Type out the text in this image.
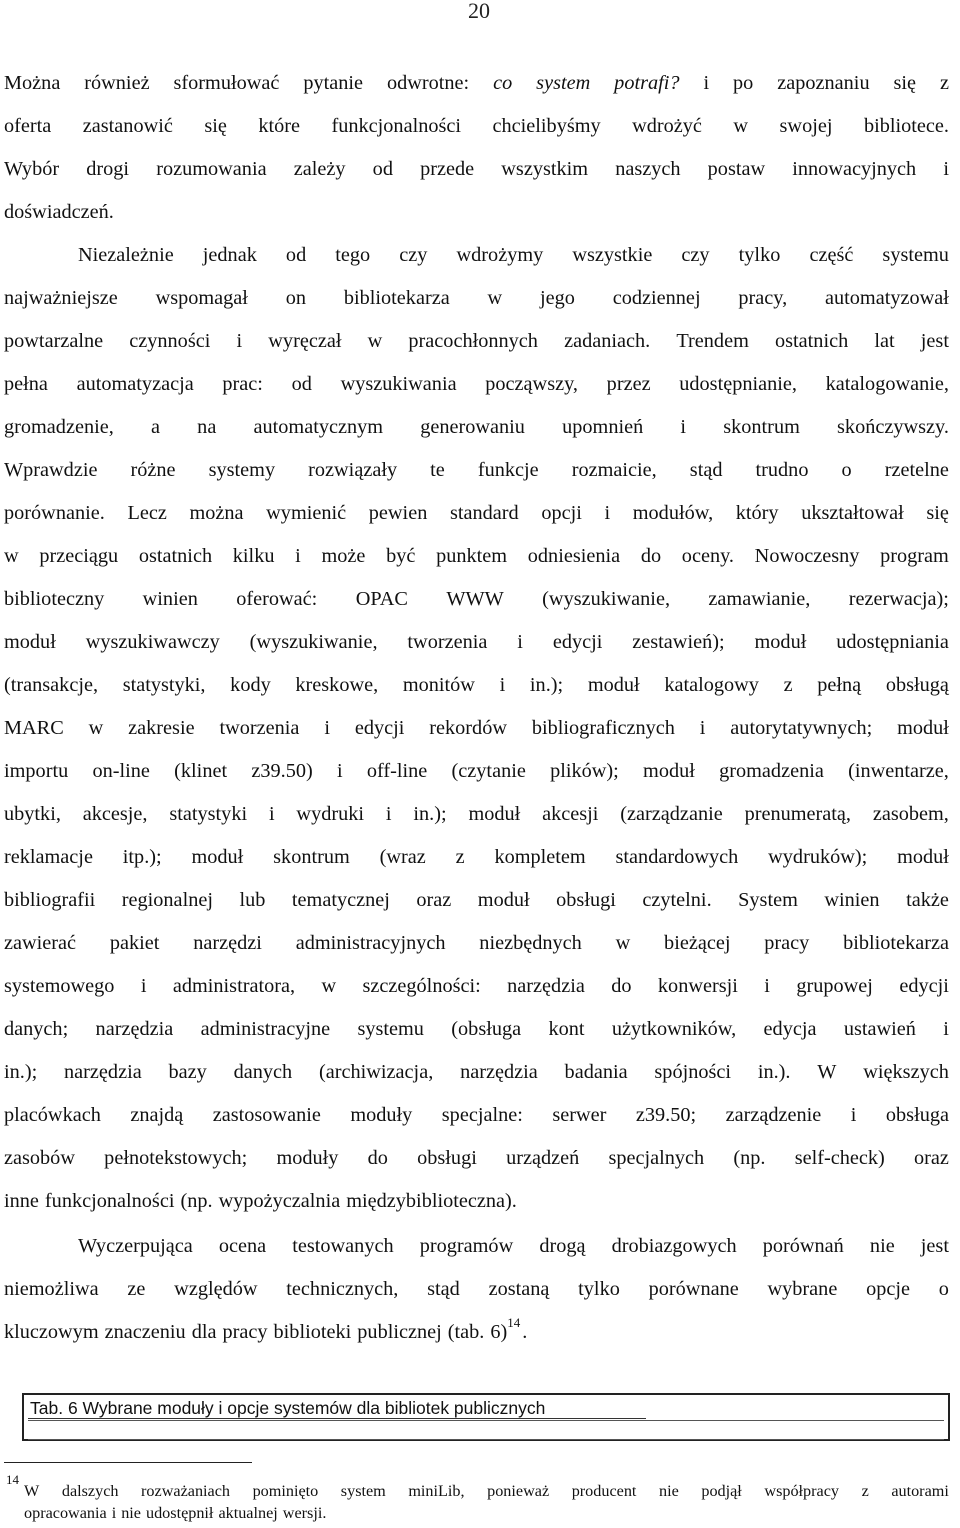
20
Można również sformułować pytanie odwrotne: co system potrafi? i po zapoznaniu się z
oferta zastanowić się które funkcjonalności chcielibyśmy wdrożyć w swojej bibliotece.
Wybór drogi rozumowania zależy od przede wszystkim naszych postaw innowacyjnych i
doświadczeń.
Niezależnie jednak od tego czy wdrożymy wszystkie czy tylko część systemu
najważniejsze wspomagał on bibliotekarza w jego codziennej pracy, automatyzował
powtarzalne czynności i wyręczał w pracochłonnych zadaniach. Trendem ostatnich lat jest
pełna automatyzacja prac: od wyszukiwania począwszy, przez udostępnianie, katalogowanie,
gromadzenie, a na automatycznym generowaniu upomnień i skontrum skończywszy.
Wprawdzie różne systemy rozwiązały te funkcje rozmaicie, stąd trudno o rzetelne
porównanie. Lecz można wymienić pewien standard opcji i modułów, który ukształtował się
w przeciągu ostatnich kilku i może być punktem odniesienia do oceny. Nowoczesny program
biblioteczny winien oferować: OPAC WWW (wyszukiwanie, zamawianie, rezerwacja);
moduł wyszukiwawczy (wyszukiwanie, tworzenia i edycji zestawień); moduł udostępniania
(transakcje, statystyki, kody kreskowe, monitów i in.); moduł katalogowy z pełną obsługą
MARC w zakresie tworzenia i edycji rekordów bibliograficznych i autorytatywnych; moduł
importu on-line (klinet z39.50) i off-line (czytanie plików); moduł gromadzenia (inwentarze,
ubytki, akcesje, statystyki i wydruki i in.); moduł akcesji (zarządzanie prenumeratą, zasobem,
reklamacje itp.); moduł skontrum (wraz z kompletem standardowych wydruków); moduł
bibliografii regionalnej lub tematycznej oraz moduł obsługi czytelni. System winien także
zawierać pakiet narzędzi administracyjnych niezbędnych w bieżącej pracy bibliotekarza
systemowego i administratora, w szczególności: narzędzia do konwersji i grupowej edycji
danych; narzędzia administracyjne systemu (obsługa kont użytkowników, edycja ustawień i
in.); narzędzia bazy danych (archiwizacja, narzędzia badania spójności in.). W większych
placówkach znajdą zastosowanie moduły specjalne: serwer z39.50; zarządzenie i obsługa
zasobów pełnotekstowych; moduły do obsługi urządzeń specjalnych (np. self-check) oraz
inne funkcjonalności (np. wypożyczalnia międzybiblioteczna).
Wyczerpująca ocena testowanych programów drogą drobiazgowych porównań nie jest
niemożliwa ze względów technicznych, stąd zostaną tylko porównane wybrane opcje o
kluczowym znaczeniu dla pracy biblioteki publicznej (tab. 6)$^{14}$ .
Tab. 6 Wybrane moduły i opcje systemów dla bibliotek publicznych
14
W dalszych rozważaniach pominięto system miniLib, ponieważ producent nie podjął współpracy z autorami
opracowania i nie udostępnił aktualnej wersji.
